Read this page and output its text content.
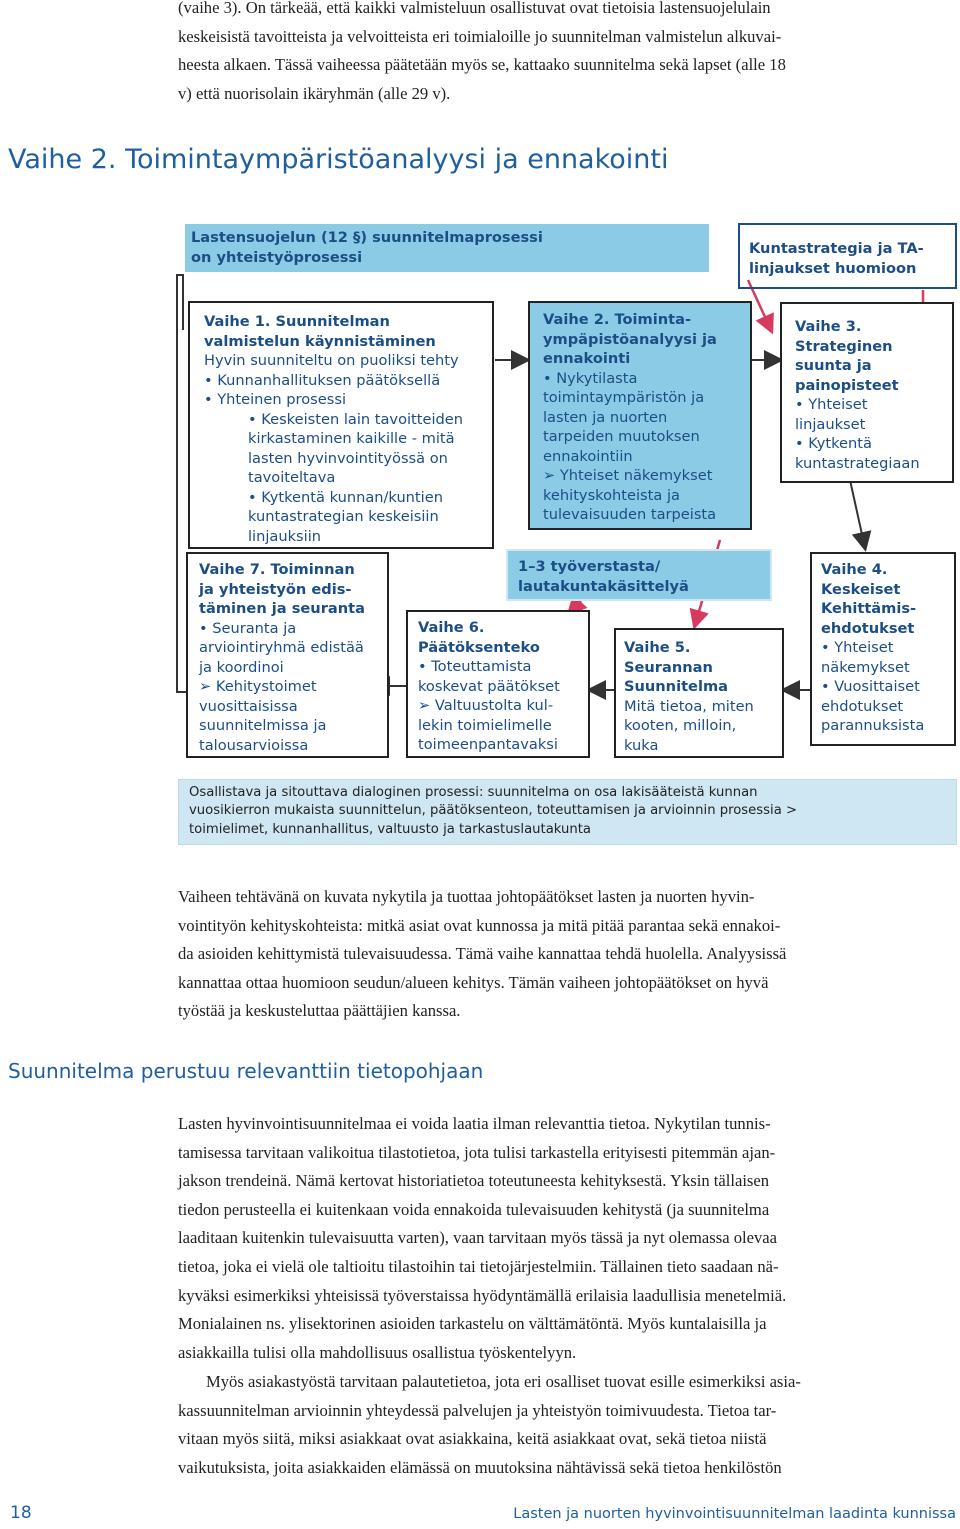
(vaihe 3). On tärkeää, että kaikki valmisteluun osallistuvat ovat tietoisia lastensuojelulain
keskeisistä tavoitteista ja velvoitteista eri toimialoille jo suunnitelman valmistelun alkuvai-
heesta alkaen. Tässä vaiheessa päätetään myös se, kattaako suunnitelma sekä lapset (alle 18
v) että nuorisolain ikäryhmän (alle 29 v).
Vaihe 2. Toimintaympäristöanalyysi ja ennakointi
Lastensuojelun (12 §) suunnitelmaprosessi
on yhteistyöprosessi	Kuntastrategia ja TA-
linjaukset huomioon
Vaihe 1. Suunnitelman
valmistelun käynnistäminen
Hyvin suunniteltu on puoliksi tehty
• Kunnanhallituksen päätöksellä
• Yhteinen prosessi
• Keskeisten lain tavoitteiden
kirkastaminen kaikille - mitä
lasten hyvinvointityössä on
tavoiteltava
• Kytkentä kunnan/kuntien
kuntastrategian keskeisiin
linjauksiin
Vaihe 2. Toiminta-
ympäpistöanalyysi ja
ennakointi
• Nykytilasta
toimintaympäristön ja
lasten ja nuorten
tarpeiden muutoksen
ennakointiin
➢ Yhteiset näkemykset
kehityskohteista ja
tulevaisuuden tarpeista
Vaihe 3.
Strateginen
suunta ja
painopisteet
• Yhteiset
linjaukset
• Kytkentä
kuntastrategiaan
1–3 työverstasta/
lautakuntakäsittelyä
Vaihe 7. Toiminnan
ja yhteistyön edis-
täminen ja seuranta
• Seuranta ja
arviointiryhmä edistää
ja koordinoi
➢ Kehitystoimet
vuosittaisissa
suunnitelmissa ja
talousarvioissa
Vaihe 6.
Päätöksenteko
• Toteuttamista
koskevat päätökset
➢ Valtuustolta kul-
lekin toimielimelle
toimeenpantavaksi
Vaihe 5.
Seurannan
Suunnitelma
Mitä tietoa, miten
kooten, milloin,
kuka
Vaihe 4.
Keskeiset
Kehittämis-
ehdotukset
• Yhteiset
näkemykset
• Vuosittaiset
ehdotukset
parannuksista
Osallistava ja sitouttava dialoginen prosessi: suunnitelma on osa lakisääteistä kunnan
vuosikierron mukaista suunnittelun, päätöksenteon, toteuttamisen ja arvioinnin prosessia >
toimielimet, kunnanhallitus, valtuusto ja tarkastuslautakunta
Vaiheen tehtävänä on kuvata nykytila ja tuottaa johtopäätökset lasten ja nuorten hyvin-
vointityön kehityskohteista: mitkä asiat ovat kunnossa ja mitä pitää parantaa sekä ennakoi-
da asioiden kehittymistä tulevaisuudessa. Tämä vaihe kannattaa tehdä huolella. Analyysissä
kannattaa ottaa huomioon seudun/alueen kehitys. Tämän vaiheen johtopäätökset on hyvä
työstää ja keskusteluttaa päättäjien kanssa.
Suunnitelma perustuu relevanttiin tietopohjaan
Lasten hyvinvointisuunnitelmaa ei voida laatia ilman relevanttia tietoa. Nykytilan tunnis-
tamisessa tarvitaan valikoitua tilastotietoa, jota tulisi tarkastella erityisesti pitemmän ajan-
jakson trendeinä. Nämä kertovat historiatietoa toteutuneesta kehityksestä. Yksin tällaisen
tiedon perusteella ei kuitenkaan voida ennakoida tulevaisuuden kehitystä (ja suunnitelma
laaditaan kuitenkin tulevaisuutta varten), vaan tarvitaan myös tässä ja nyt olemassa olevaa
tietoa, joka ei vielä ole taltioitu tilastoihin tai tietojärjestelmiin. Tällainen tieto saadaan nä-
kyväksi esimerkiksi yhteisissä työverstaissa hyödyntämällä erilaisia laadullisia menetelmiä.
Monialainen ns. ylisektorinen asioiden tarkastelu on välttämätöntä. Myös kuntalaisilla ja
asiakkailla tulisi olla mahdollisuus osallistua työskentelyyn.
Myös asiakastyöstä tarvitaan palautetietoa, jota eri osalliset tuovat esille esimerkiksi asia-
kassuunnitelman arvioinnin yhteydessä palvelujen ja yhteistyön toimivuudesta. Tietoa tar-
vitaan myös siitä, miksi asiakkaat ovat asiakkaina, keitä asiakkaat ovat, sekä tietoa niistä
vaikutuksista, joita asiakkaiden elämässä on muutoksina nähtävissä sekä tietoa henkilöstön
18	Lasten ja nuorten hyvinvointisuunnitelman laadinta kunnissa
